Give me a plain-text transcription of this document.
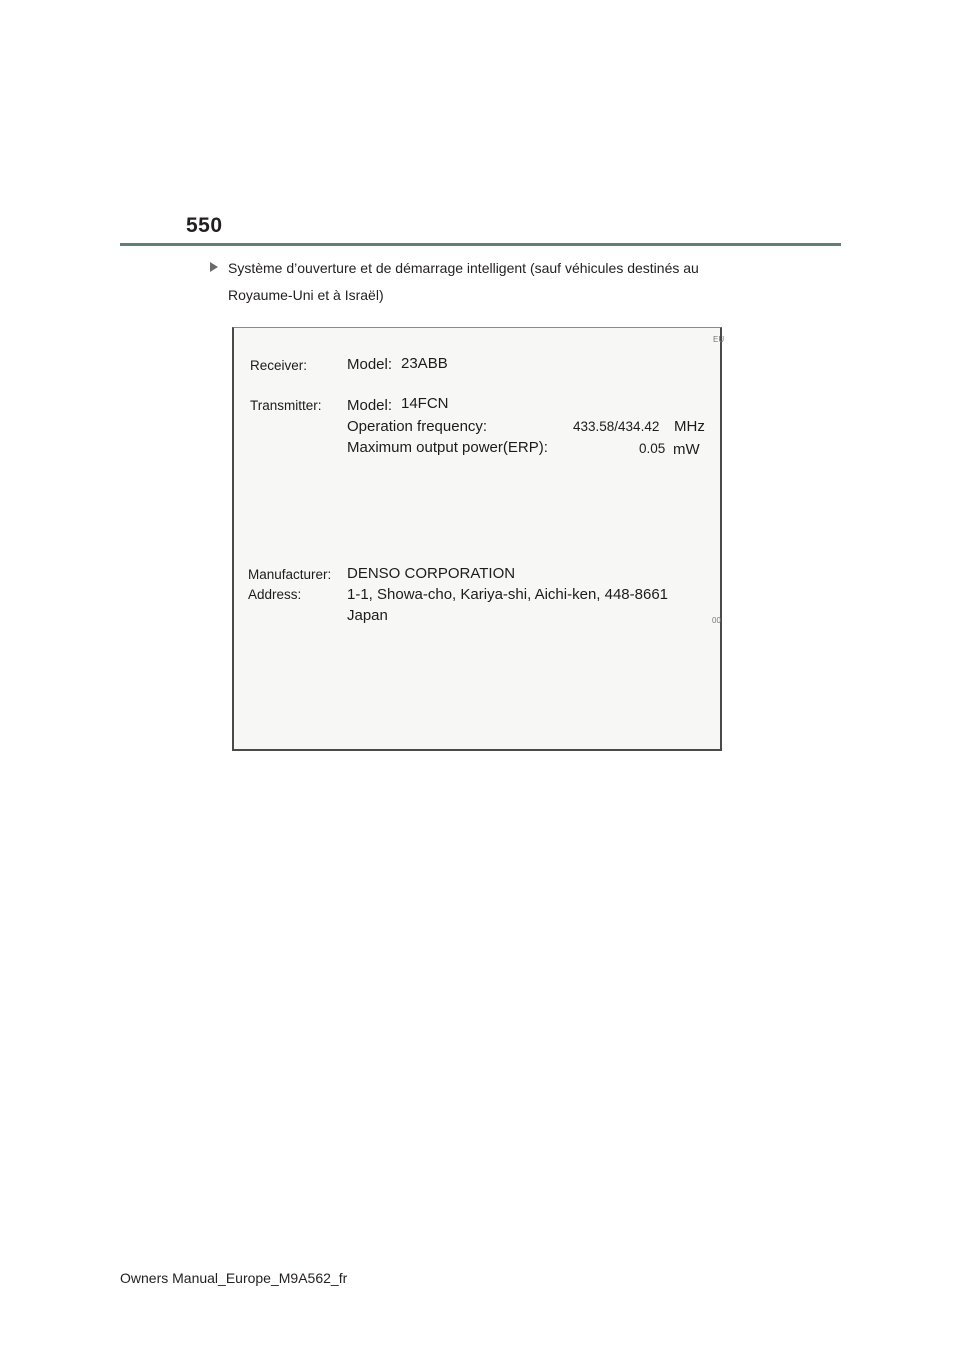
550
Système d’ouverture et de démarrage intelligent (sauf véhicules destinés au
Royaume-Uni et à Israël)
EU
Receiver:	Model: 23ABB
Transmitter: Model: 14FCN
Operation frequency:	433.58/434.42 MHz
Maximum output power(ERP):	0.05 mW
Manufacturer: DENSO CORPORATION
Address:	1-1, Showa-cho, Kariya-shi, Aichi-ken, 448-8661
Japan	00
Owners Manual_Europe_M9A562_fr
